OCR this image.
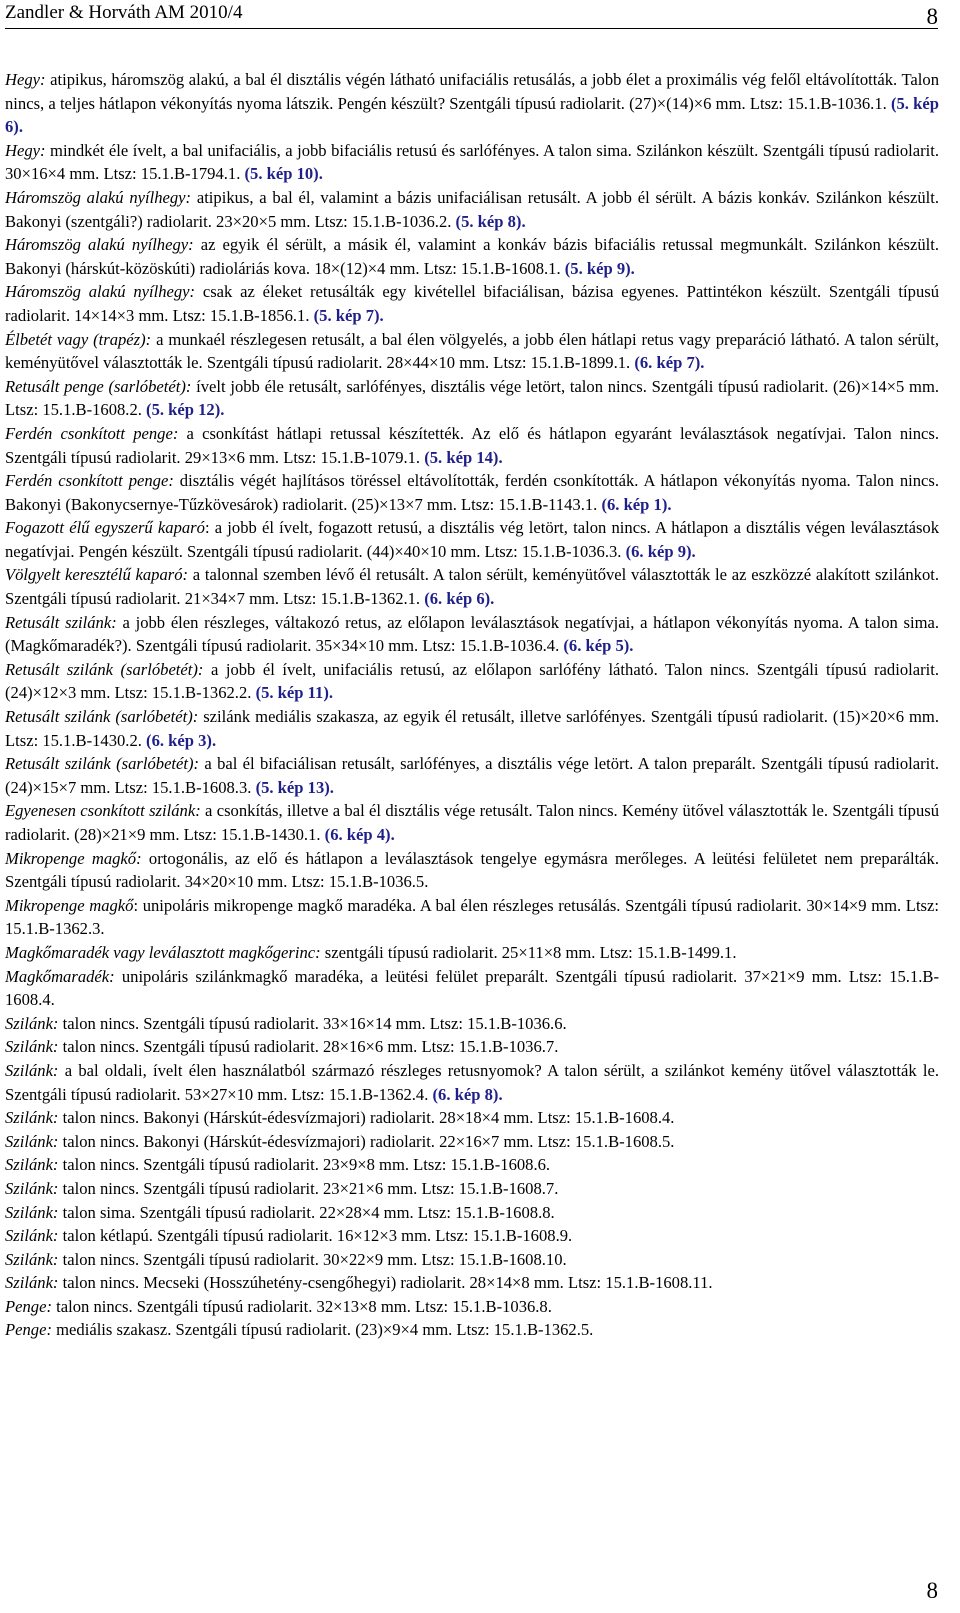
Zandler & Horváth AM 2010/4	8

Hegy: atipikus, háromszög alakú, a bal él disztális végén látható unifaciális retusálás, a jobb élet a proximális vég felől eltávolították. Talon nincs, a teljes hátlapon vékonyítás nyoma látszik. Pengén készült? Szentgáli típusú radiolarit. (27)×(14)×6 mm. Ltsz: 15.1.B-1036.1. (5. kép 6).

Hegy: mindkét éle ívelt, a bal unifaciális, a jobb bifaciális retusú és sarlófényes. A talon sima. Szilánkon készült. Szentgáli típusú radiolarit. 30×16×4 mm. Ltsz: 15.1.B-1794.1. (5. kép 10).

Háromszög alakú nyílhegy: atipikus, a bal él, valamint a bázis unifaciálisan retusált. A jobb él sérült. A bázis konkáv. Szilánkon készült. Bakonyi (szentgáli?) radiolarit. 23×20×5 mm. Ltsz: 15.1.B-1036.2. (5. kép 8).

Háromszög alakú nyílhegy: az egyik él sérült, a másik él, valamint a konkáv bázis bifaciális retussal megmunkált. Szilánkon készült. Bakonyi (hárskút-közöskúti) radioláriás kova. 18×(12)×4 mm. Ltsz: 15.1.B-1608.1. (5. kép 9).

Háromszög alakú nyílhegy: csak az éleket retusálták egy kivétellel bifaciálisan, bázisa egyenes. Pattintékon készült. Szentgáli típusú radiolarit. 14×14×3 mm. Ltsz: 15.1.B-1856.1. (5. kép 7).

Élbetét vagy (trapéz): a munkaél részlegesen retusált, a bal élen völgyelés, a jobb élen hátlapi retus vagy preparáció látható. A talon sérült, keményütővel választották le. Szentgáli típusú radiolarit. 28×44×10 mm. Ltsz: 15.1.B-1899.1. (6. kép 7).

Retusált penge (sarlóbetét): ívelt jobb éle retusált, sarlófényes, disztális vége letört, talon nincs. Szentgáli típusú radiolarit. (26)×14×5 mm. Ltsz: 15.1.B-1608.2. (5. kép 12).

Ferdén csonkított penge: a csonkítást hátlapi retussal készítették. Az elő és hátlapon egyaránt leválasztások negatívjai. Talon nincs. Szentgáli típusú radiolarit. 29×13×6 mm. Ltsz: 15.1.B-1079.1. (5. kép 14).

Ferdén csonkított penge: disztális végét hajlításos töréssel eltávolították, ferdén csonkították. A hátlapon vékonyítás nyoma. Talon nincs. Bakonyi (Bakonycsernye-Tűzkövesárok) radiolarit. (25)×13×7 mm. Ltsz: 15.1.B-1143.1. (6. kép 1).

Fogazott élű egyszerű kaparó: a jobb él ívelt, fogazott retusú, a disztális vég letört, talon nincs. A hátlapon a disztális végen leválasztások negatívjai. Pengén készült. Szentgáli típusú radiolarit. (44)×40×10 mm. Ltsz: 15.1.B-1036.3. (6. kép 9).

Völgyelt keresztélű kaparó: a talonnal szemben lévő él retusált. A talon sérült, keményütővel választották le az eszközzé alakított szilánkot. Szentgáli típusú radiolarit. 21×34×7 mm. Ltsz: 15.1.B-1362.1. (6. kép 6).

Retusált szilánk: a jobb élen részleges, váltakozó retus, az előlapon leválasztások negatívjai, a hátlapon vékonyítás nyoma. A talon sima. (Magkőmaradék?). Szentgáli típusú radiolarit. 35×34×10 mm. Ltsz: 15.1.B-1036.4. (6. kép 5).

Retusált szilánk (sarlóbetét): a jobb él ívelt, unifaciális retusú, az előlapon sarlófény látható. Talon nincs. Szentgáli típusú radiolarit. (24)×12×3 mm. Ltsz: 15.1.B-1362.2. (5. kép 11).

Retusált szilánk (sarlóbetét): szilánk mediális szakasza, az egyik él retusált, illetve sarlófényes. Szentgáli típusú radiolarit. (15)×20×6 mm. Ltsz: 15.1.B-1430.2. (6. kép 3).

Retusált szilánk (sarlóbetét): a bal él bifaciálisan retusált, sarlófényes, a disztális vége letört. A talon preparált. Szentgáli típusú radiolarit. (24)×15×7 mm. Ltsz: 15.1.B-1608.3. (5. kép 13).

Egyenesen csonkított szilánk: a csonkítás, illetve a bal él disztális vége retusált. Talon nincs. Kemény ütővel választották le. Szentgáli típusú radiolarit. (28)×21×9 mm. Ltsz: 15.1.B-1430.1. (6. kép 4).

Mikropenge magkő: ortogonális, az elő és hátlapon a leválasztások tengelye egymásra merőleges. A leütési felületet nem preparálták. Szentgáli típusú radiolarit. 34×20×10 mm. Ltsz: 15.1.B-1036.5.

Mikropenge magkő: unipoláris mikropenge magkő maradéka. A bal élen részleges retusálás. Szentgáli típusú radiolarit. 30×14×9 mm. Ltsz: 15.1.B-1362.3.

Magkőmaradék vagy leválasztott magkőgerinc: szentgáli típusú radiolarit. 25×11×8 mm. Ltsz: 15.1.B-1499.1.

Magkőmaradék: unipoláris szilánkmagkő maradéka, a leütési felület preparált. Szentgáli típusú radiolarit. 37×21×9 mm. Ltsz: 15.1.B-1608.4.

Szilánk: talon nincs. Szentgáli típusú radiolarit. 33×16×14 mm. Ltsz: 15.1.B-1036.6.

Szilánk: talon nincs. Szentgáli típusú radiolarit. 28×16×6 mm. Ltsz: 15.1.B-1036.7.

Szilánk: a bal oldali, ívelt élen használatból származó részleges retusnyomok? A talon sérült, a szilánkot kemény ütővel választották le. Szentgáli típusú radiolarit. 53×27×10 mm. Ltsz: 15.1.B-1362.4. (6. kép 8).

Szilánk: talon nincs. Bakonyi (Hárskút-édesvízmajori) radiolarit. 28×18×4 mm. Ltsz: 15.1.B-1608.4.

Szilánk: talon nincs. Bakonyi (Hárskút-édesvízmajori) radiolarit. 22×16×7 mm. Ltsz: 15.1.B-1608.5.

Szilánk: talon nincs. Szentgáli típusú radiolarit. 23×9×8 mm. Ltsz: 15.1.B-1608.6.

Szilánk: talon nincs. Szentgáli típusú radiolarit. 23×21×6 mm. Ltsz: 15.1.B-1608.7.

Szilánk: talon sima. Szentgáli típusú radiolarit. 22×28×4 mm. Ltsz: 15.1.B-1608.8.

Szilánk: talon kétlapú. Szentgáli típusú radiolarit. 16×12×3 mm. Ltsz: 15.1.B-1608.9.

Szilánk: talon nincs. Szentgáli típusú radiolarit. 30×22×9 mm. Ltsz: 15.1.B-1608.10.

Szilánk: talon nincs. Mecseki (Hosszúhetény-csengőhegyi) radiolarit. 28×14×8 mm. Ltsz: 15.1.B-1608.11.

Penge: talon nincs. Szentgáli típusú radiolarit. 32×13×8 mm. Ltsz: 15.1.B-1036.8.

Penge: mediális szakasz. Szentgáli típusú radiolarit. (23)×9×4 mm. Ltsz: 15.1.B-1362.5.

8
